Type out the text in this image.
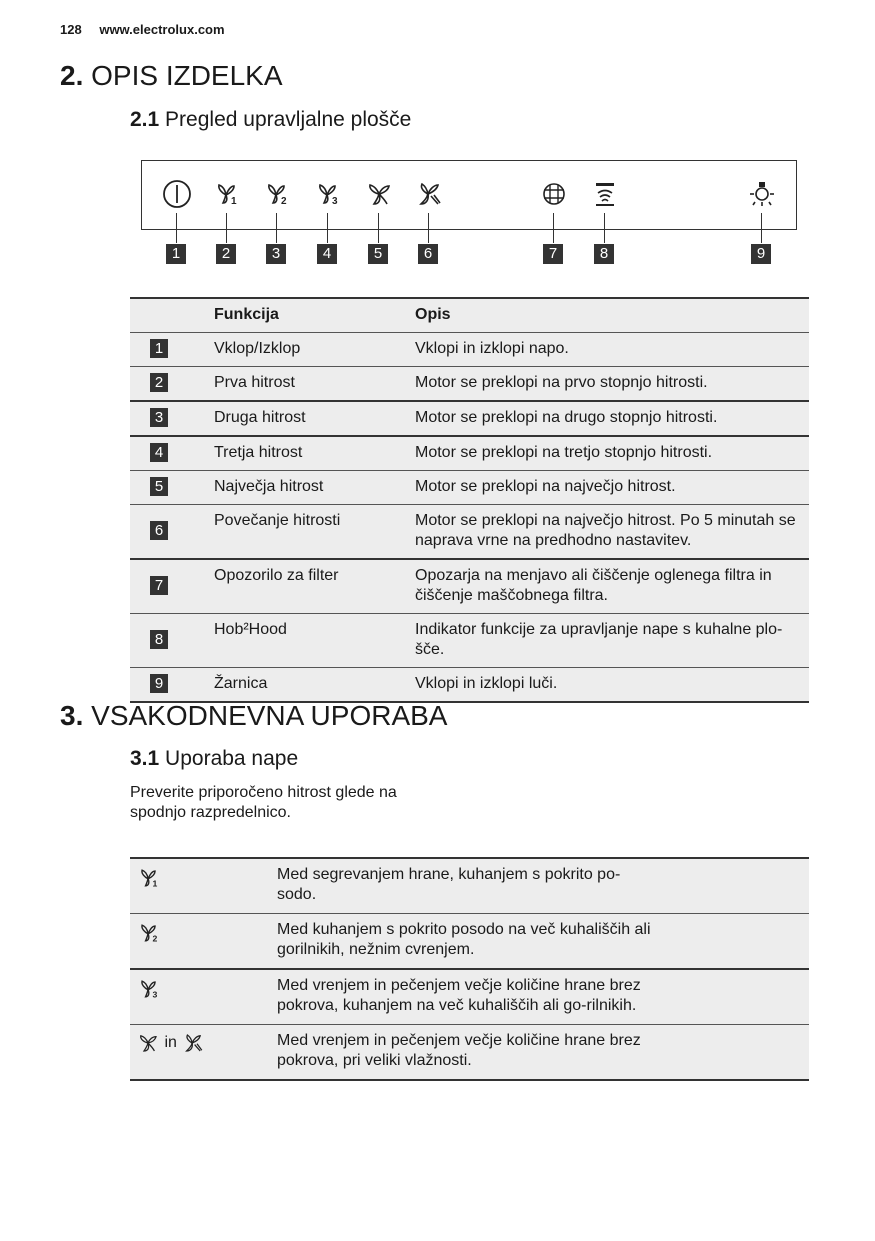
128 www.electrolux.com
2. OPIS IZDELKA
2.1 Pregled upravljalne plošče
1	2	3
1	2	3	4	5	6	7	8	9
	Funkcija	Opis
1	Vklop/Izklop	Vklopi in izklopi napo.
2	Prva hitrost	Motor se preklopi na prvo stopnjo hitrosti.
3	Druga hitrost	Motor se preklopi na drugo stopnjo hitrosti.
4	Tretja hitrost	Motor se preklopi na tretjo stopnjo hitrosti.
5	Največja hitrost	Motor se preklopi na največjo hitrost.
6	Povečanje hitrosti	Motor se preklopi na največjo hitrost. Po 5 minutah se naprava vrne na predhodno nastavitev.
7	Opozorilo za filter	Opozarja na menjavo ali čiščenje oglenega filtra in čiščenje maščobnega filtra.
8	Hob²Hood	Indikator funkcije za upravljanje nape s kuhalne plo-šče.
9	Žarnica	Vklopi in izklopi luči.
3. VSAKODNEVNA UPORABA
3.1 Uporaba nape
Preverite priporočeno hitrost glede na spodnjo razpredelnico.
1	Med segrevanjem hrane, kuhanjem s pokrito po-sodo.

2	Med kuhanjem s pokrito posodo na več kuhališčih ali gorilnikih, nežnim cvrenjem.

3	Med vrenjem in pečenjem večje količine hrane brez pokrova, kuhanjem na več kuhališčih ali go-rilnikih.
in	Med vrenjem in pečenjem večje količine hrane brez pokrova, pri veliki vlažnosti.
